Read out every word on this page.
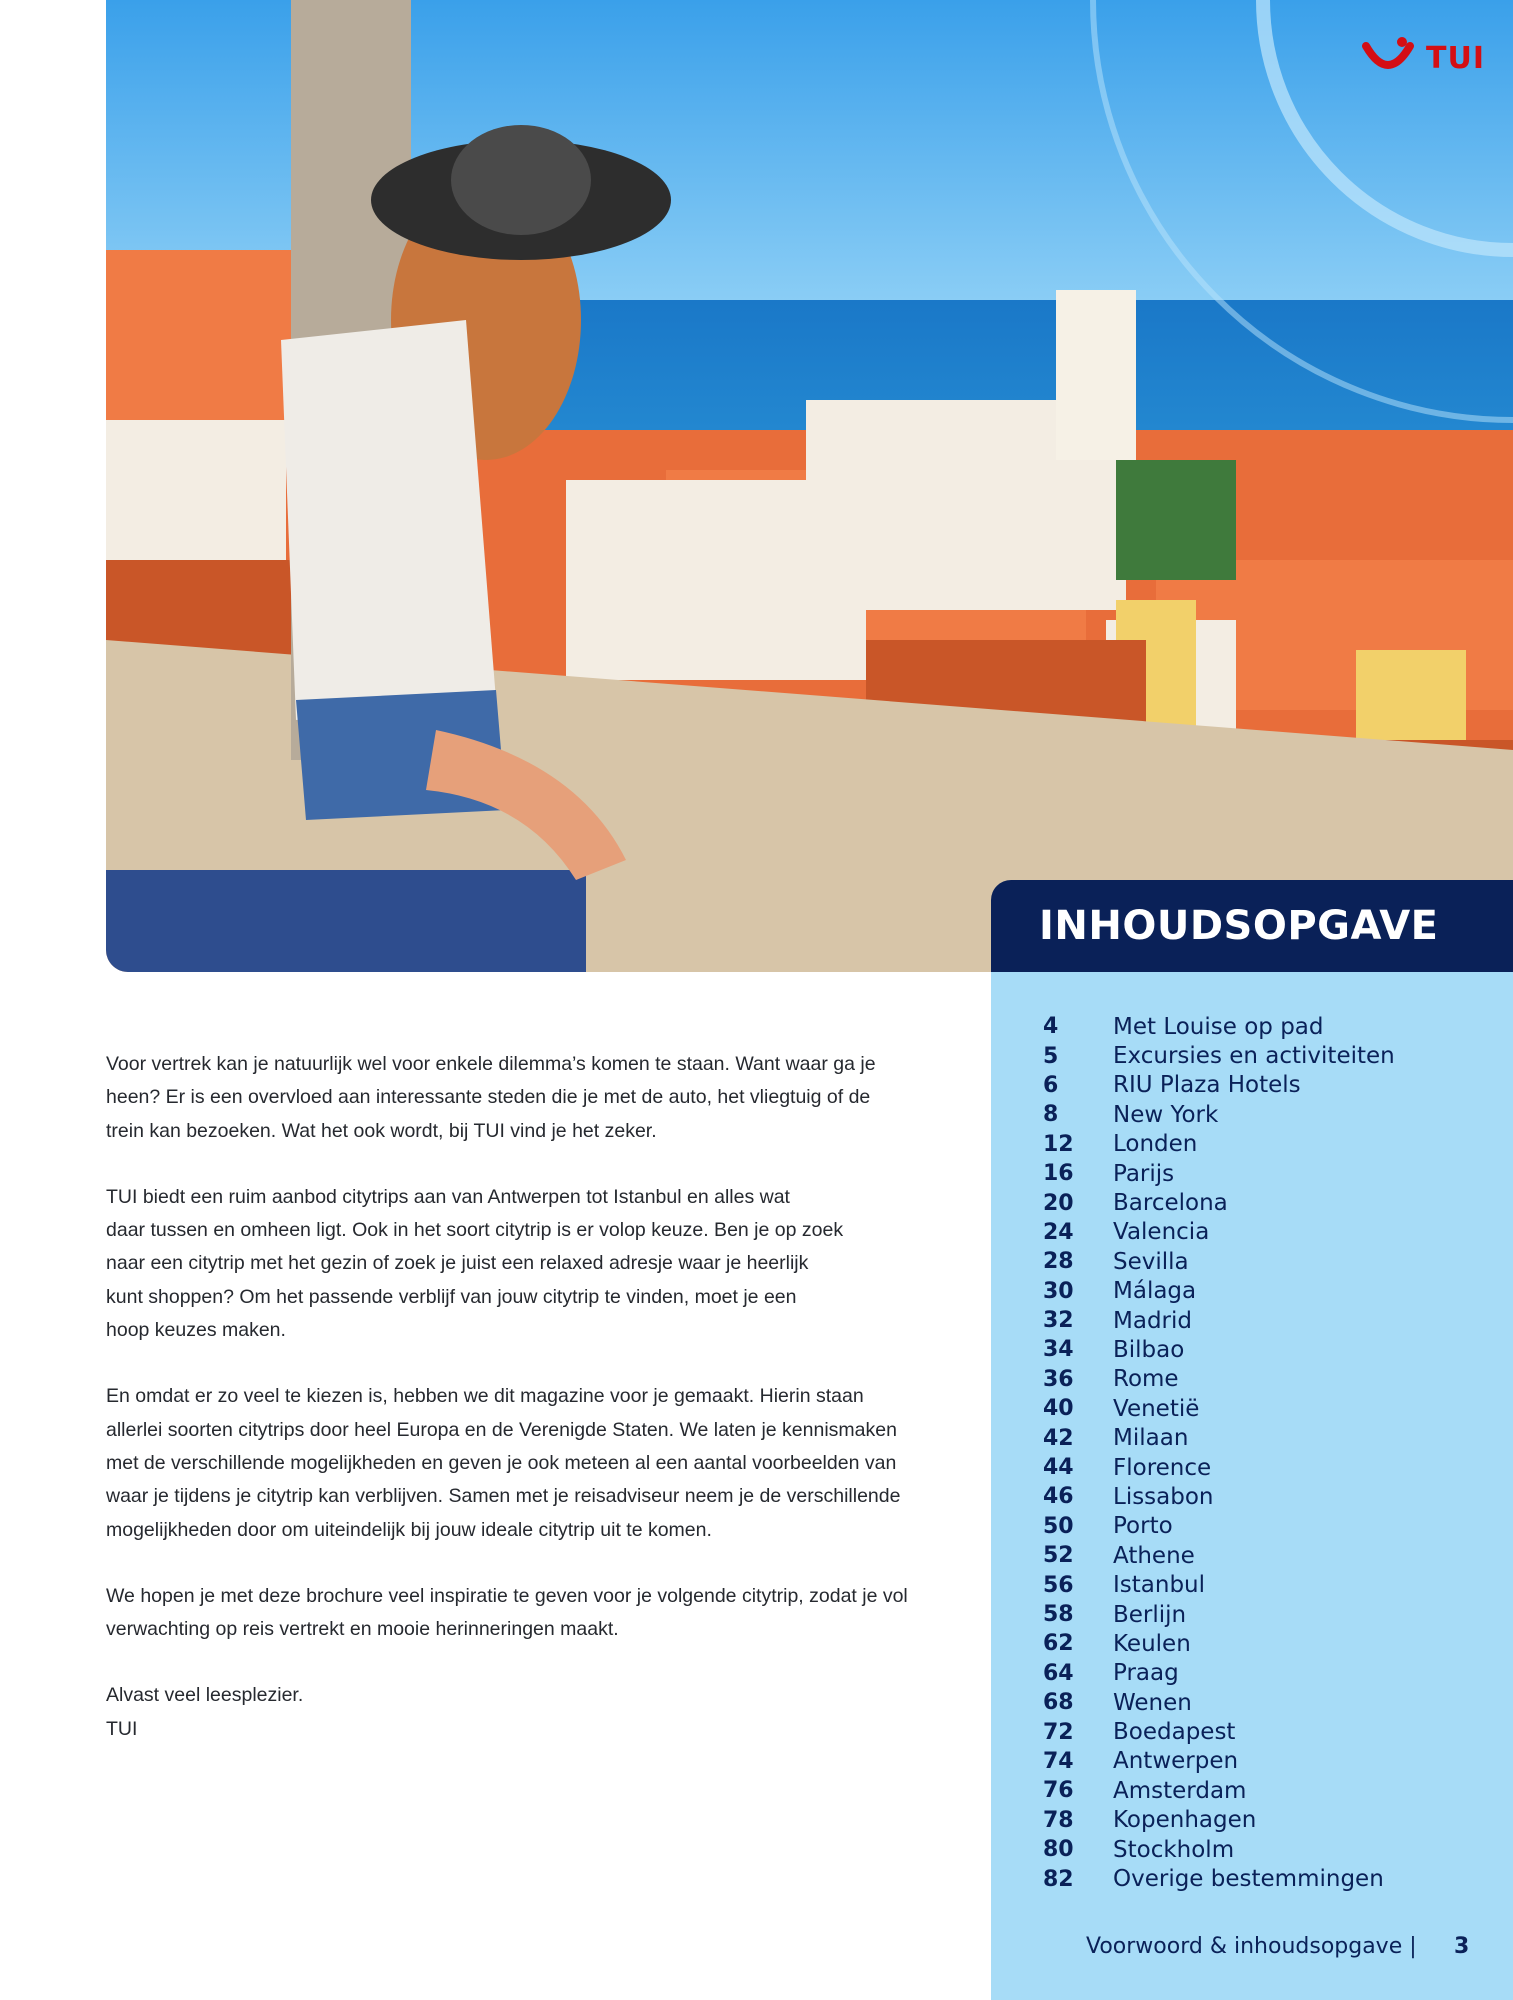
TUI
INHOUDSOPGAVE
4	Met Louise op pad
5	Excursies en activiteiten
6	RIU Plaza Hotels
8	New York
12	Londen
16	Parijs
20	Barcelona
24	Valencia
28	Sevilla
30	Málaga
32	Madrid
34	Bilbao
36	Rome
40	Venetië
42	Milaan
44	Florence
46	Lissabon
50	Porto
52	Athene
56	Istanbul
58	Berlijn
62	Keulen
64	Praag
68	Wenen
72	Boedapest
74	Antwerpen
76	Amsterdam
78	Kopenhagen
80	Stockholm
82	Overige bestemmingen
Voorwoord & inhoudsopgave | 3

Voor vertrek kan je natuurlijk wel voor enkele dilemma’s komen te staan. Want waar ga je
heen? Er is een overvloed aan interessante steden die je met de auto, het vliegtuig of de
trein kan bezoeken. Wat het ook wordt, bij TUI vind je het zeker.

TUI biedt een ruim aanbod citytrips aan van Antwerpen tot Istanbul en alles wat
daar tussen en omheen ligt. Ook in het soort citytrip is er volop keuze. Ben je op zoek
naar een citytrip met het gezin of zoek je juist een relaxed adresje waar je heerlijk
kunt shoppen? Om het passende verblijf van jouw citytrip te vinden, moet je een
hoop keuzes maken.

En omdat er zo veel te kiezen is, hebben we dit magazine voor je gemaakt. Hierin staan
allerlei soorten citytrips door heel Europa en de Verenigde Staten. We laten je kennismaken
met de verschillende mogelijkheden en geven je ook meteen al een aantal voorbeelden van
waar je tijdens je citytrip kan verblijven. Samen met je reisadviseur neem je de verschillende
mogelijkheden door om uiteindelijk bij jouw ideale citytrip uit te komen.

We hopen je met deze brochure veel inspiratie te geven voor je volgende citytrip, zodat je vol
verwachting op reis vertrekt en mooie herinneringen maakt.

Alvast veel leesplezier.
TUI
